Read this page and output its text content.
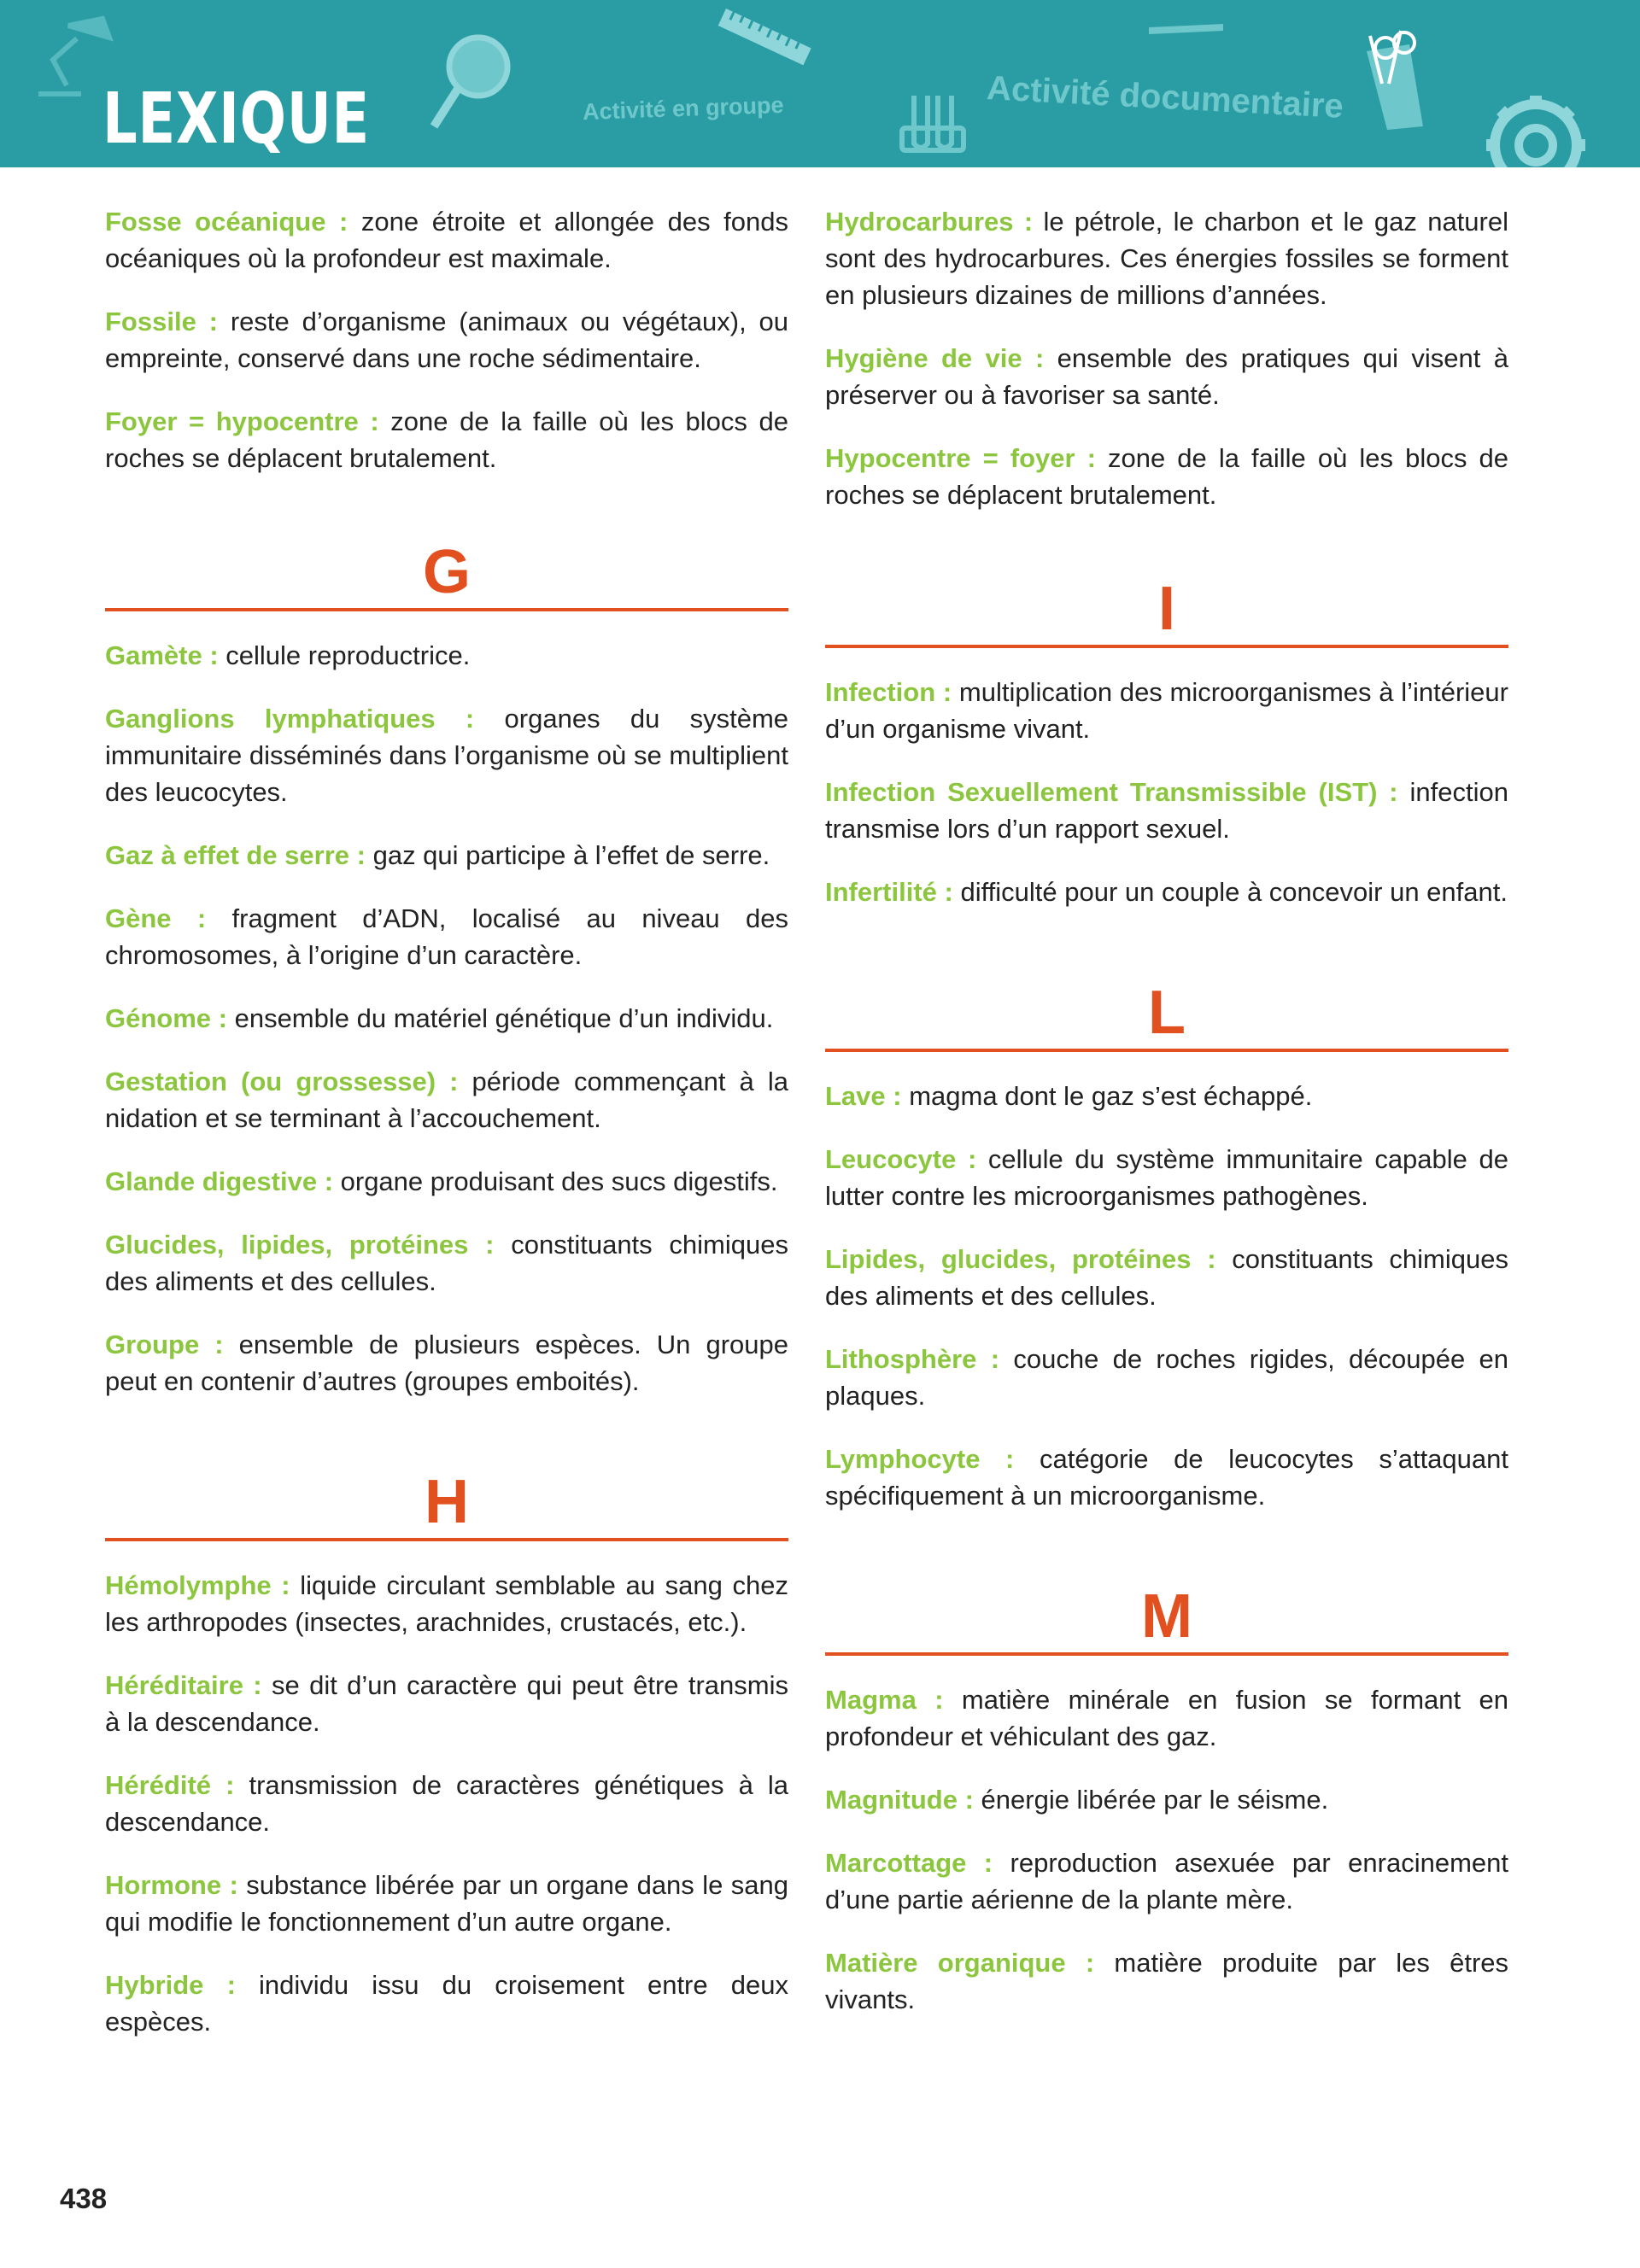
LEXIQUE	Activité en groupe	Activité documentaire

Fosse océanique : zone étroite et allongée des fonds océaniques où la profondeur est maximale.

Fossile : reste d’organisme (animaux ou végétaux), ou empreinte, conservé dans une roche sédimentaire.

Foyer = hypocentre : zone de la faille où les blocs de roches se déplacent brutalement.

G

Gamète : cellule reproductrice.

Ganglions lymphatiques : organes du système immunitaire disséminés dans l’organisme où se multiplient des leucocytes.

Gaz à effet de serre : gaz qui participe à l’effet de serre.

Gène : fragment d’ADN, localisé au niveau des chromosomes, à l’origine d’un caractère.

Génome : ensemble du matériel génétique d’un individu.

Gestation (ou grossesse) : période commençant à la nidation et se terminant à l’accouchement.

Glande digestive : organe produisant des sucs digestifs.

Glucides, lipides, protéines : constituants chimiques des aliments et des cellules.

Groupe : ensemble de plusieurs espèces. Un groupe peut en contenir d’autres (groupes emboités).

H

Hémolymphe : liquide circulant semblable au sang chez les arthropodes (insectes, arachnides, crustacés, etc.).

Héréditaire : se dit d’un caractère qui peut être transmis à la descendance.

Hérédité : transmission de caractères génétiques à la descendance.

Hormone : substance libérée par un organe dans le sang qui modifie le fonctionnement d’un autre organe.

Hybride : individu issu du croisement entre deux espèces.

Hydrocarbures : le pétrole, le charbon et le gaz naturel sont des hydrocarbures. Ces énergies fossiles se forment en plusieurs dizaines de millions d’années.

Hygiène de vie : ensemble des pratiques qui visent à préserver ou à favoriser sa santé.

Hypocentre = foyer : zone de la faille où les blocs de roches se déplacent brutalement.

I

Infection : multiplication des microorganismes à l’intérieur d’un organisme vivant.

Infection Sexuellement Transmissible (IST) : infection transmise lors d’un rapport sexuel.

Infertilité : difficulté pour un couple à concevoir un enfant.

L

Lave : magma dont le gaz s’est échappé.

Leucocyte : cellule du système immunitaire capable de lutter contre les microorganismes pathogènes.

Lipides, glucides, protéines : constituants chimiques des aliments et des cellules.

Lithosphère : couche de roches rigides, découpée en plaques.

Lymphocyte : catégorie de leucocytes s’attaquant spécifiquement à un microorganisme.

M

Magma : matière minérale en fusion se formant en profondeur et véhiculant des gaz.

Magnitude : énergie libérée par le séisme.

Marcottage : reproduction asexuée par enracinement d’une partie aérienne de la plante mère.

Matière organique : matière produite par les êtres vivants.

438
